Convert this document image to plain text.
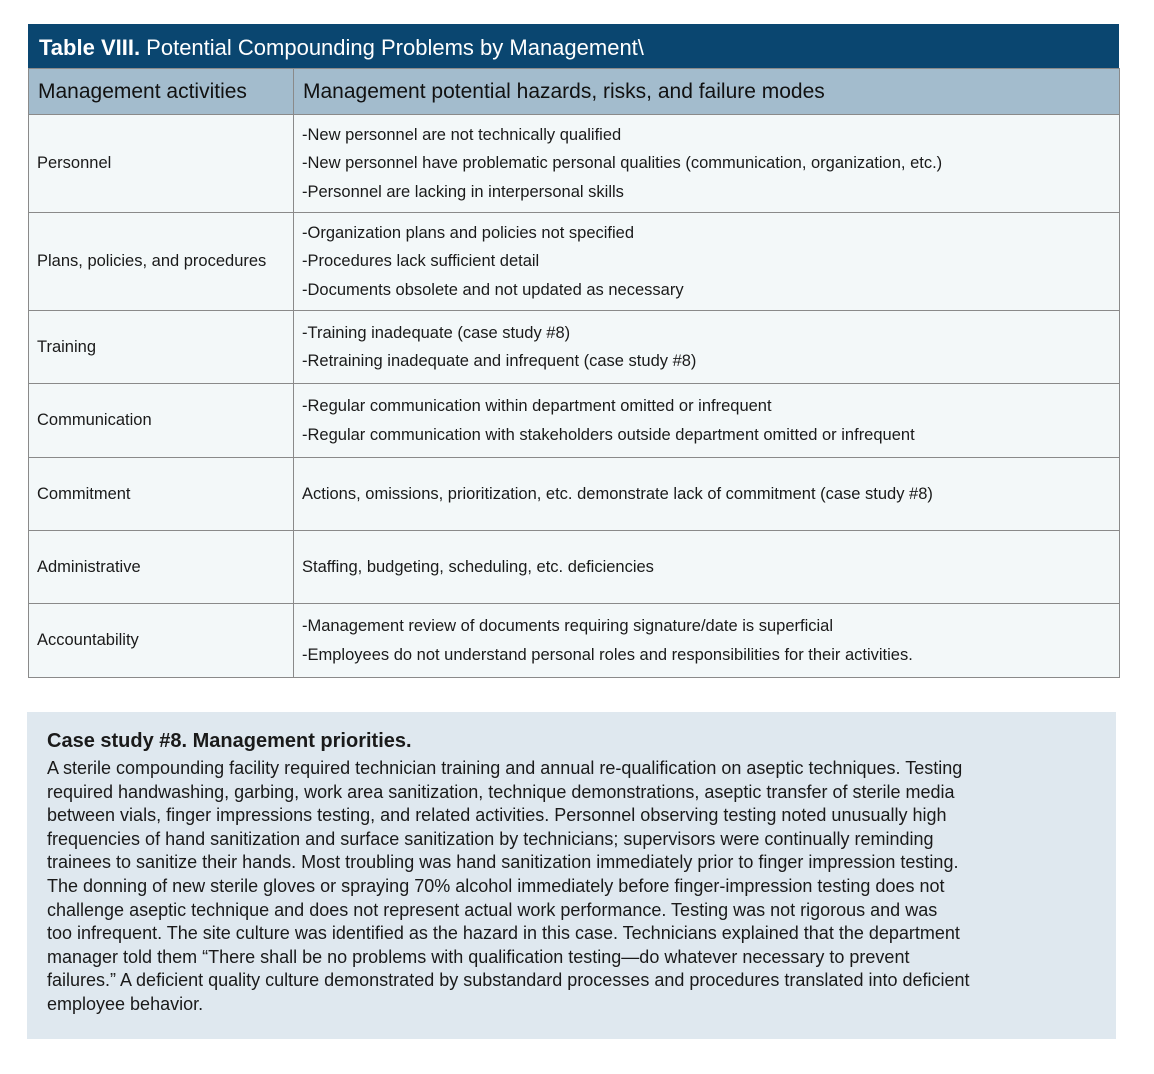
Table VIII. Potential Compounding Problems by Management\
Management activities	Management potential hazards, risks, and failure modes
Personnel	-New personnel are not technically qualified
-New personnel have problematic personal qualities (communication, organization, etc.)
-Personnel are lacking in interpersonal skills

Plans, policies, and procedures	-Organization plans and policies not specified
-Procedures lack sufficient detail
-Documents obsolete and not updated as necessary

Training	-Training inadequate (case study #8)
-Retraining inadequate and infrequent (case study #8)

Communication	-Regular communication within department omitted or infrequent
-Regular communication with stakeholders outside department omitted or infrequent

Commitment	Actions, omissions, prioritization, etc. demonstrate lack of commitment (case study #8)

Administrative	Staffing, budgeting, scheduling, etc. deficiencies

Accountability	-Management review of documents requiring signature/date is superficial
-Employees do not understand personal roles and responsibilities for their activities.
Case study #8. Management priorities.
A sterile compounding facility required technician training and annual re-qualification on aseptic techniques. Testing
required handwashing, garbing, work area sanitization, technique demonstrations, aseptic transfer of sterile media
between vials, finger impressions testing, and related activities. Personnel observing testing noted unusually high
frequencies of hand sanitization and surface sanitization by technicians; supervisors were continually reminding
trainees to sanitize their hands. Most troubling was hand sanitization immediately prior to finger impression testing.
The donning of new sterile gloves or spraying 70% alcohol immediately before finger-impression testing does not
challenge aseptic technique and does not represent actual work performance. Testing was not rigorous and was
too infrequent. The site culture was identified as the hazard in this case. Technicians explained that the department
manager told them “There shall be no problems with qualification testing—do whatever necessary to prevent
failures.” A deficient quality culture demonstrated by substandard processes and procedures translated into deficient
employee behavior.
